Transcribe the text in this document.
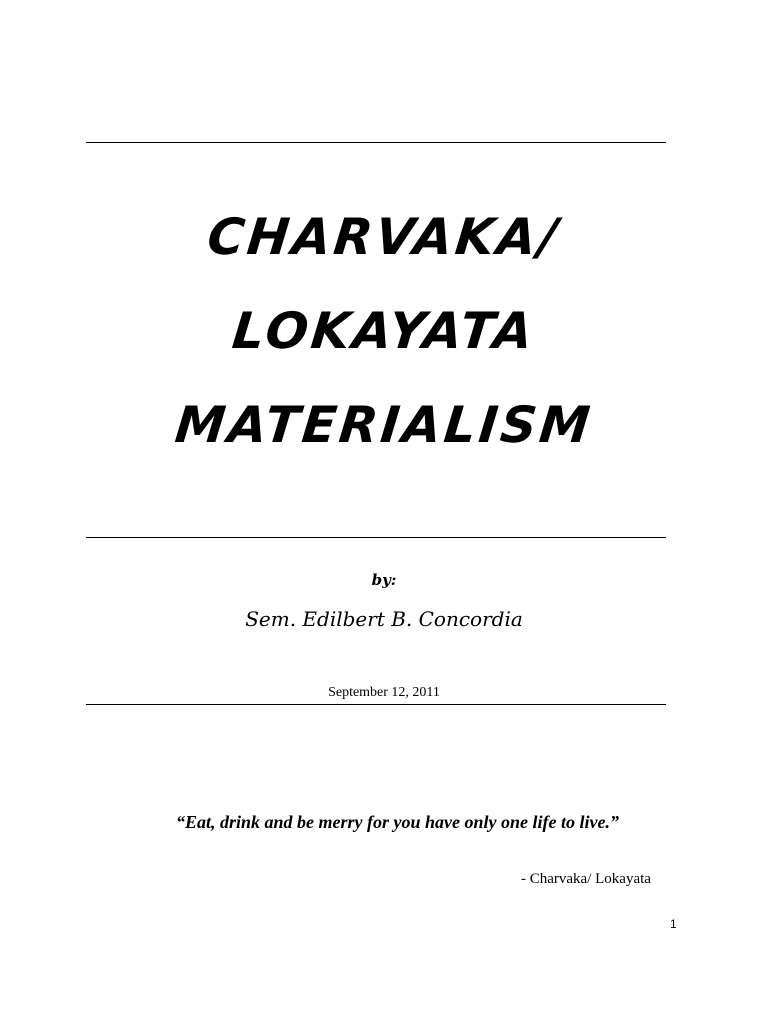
CHARVAKA/
LOKAYATA
MATERIALISM
by:
Sem. Edilbert B. Concordia
September 12, 2011
“Eat, drink and be merry for you have only one life to live.”
- Charvaka/ Lokayata
1
